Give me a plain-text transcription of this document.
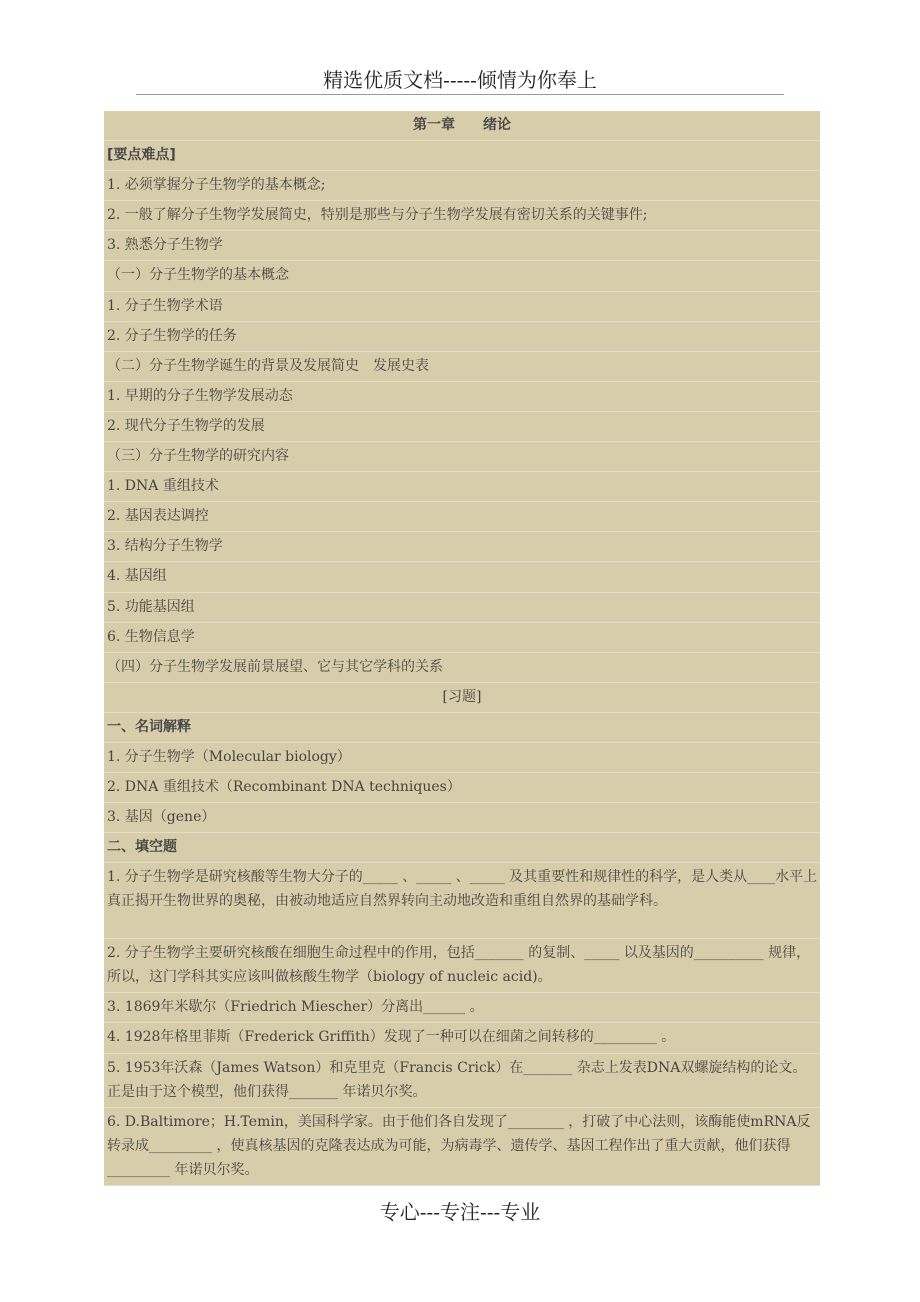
精选优质文档-----倾情为你奉上
第一章　　绪论
[要点难点]
1. 必须掌握分子生物学的基本概念;
2. 一般了解分子生物学发展简史，特别是那些与分子生物学发展有密切关系的关键事件;
3. 熟悉分子生物学
（一）分子生物学的基本概念
1. 分子生物学术语
2. 分子生物学的任务
（二）分子生物学诞生的背景及发展简史　发展史表
1. 早期的分子生物学发展动态
2. 现代分子生物学的发展
（三）分子生物学的研究内容
1. DNA 重组技术
2. 基因表达调控
3. 结构分子生物学
4. 基因组
5. 功能基因组
6. 生物信息学
（四）分子生物学发展前景展望、它与其它学科的关系
[习题]
一、名词解释
1. 分子生物学（Molecular biology）
2. DNA 重组技术（Recombinant DNA techniques）
3. 基因（gene）
二、填空题
1. 分子生物学是研究核酸等生物大分子的_____ 、_____ 、_____ 及其重要性和规律性的科学，是人类从____水平上真正揭开生物世界的奥秘，由被动地适应自然界转向主动地改造和重组自然界的基础学科。
2. 分子生物学主要研究核酸在细胞生命过程中的作用，包括_______ 的复制、_____ 以及基因的__________ 规律，所以，这门学科其实应该叫做核酸生物学（biology of nucleic acid)。
3. 1869年米歇尔（Friedrich Miescher）分离出______ 。
4. 1928年格里菲斯（Frederick Griffith）发现了一种可以在细菌之间转移的_________ 。
5. 1953年沃森（James Watson）和克里克（Francis Crick）在_______ 杂志上发表DNA双螺旋结构的论文。正是由于这个模型，他们获得_______ 年诺贝尔奖。
6. D.Baltimore；H.Temin，美国科学家。由于他们各自发现了________ ，打破了中心法则，该酶能使mRNA反转录成_________ ，使真核基因的克隆表达成为可能，为病毒学、遗传学、基因工程作出了重大贡献，他们获得_________ 年诺贝尔奖。
专心---专注---专业
